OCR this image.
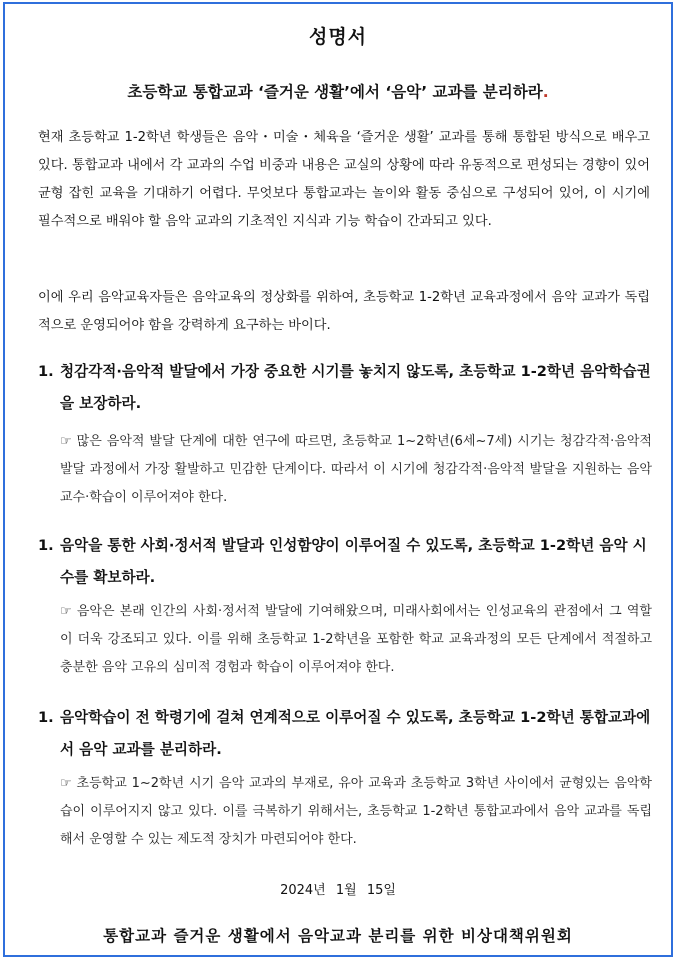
성명서
초등학교 통합교과 ‘즐거운 생활’에서 ‘음악’ 교과를 분리하라.
현재 초등학교 1-2학년 학생들은 음악・미술・체육을 ‘즐거운 생활’ 교과를 통해 통합된 방식으로 배우고 있다. 통합교과 내에서 각 교과의 수업 비중과 내용은 교실의 상황에 따라 유동적으로 편성되는 경향이 있어 균형 잡힌 교육을 기대하기 어렵다. 무엇보다 통합교과는 놀이와 활동 중심으로 구성되어 있어, 이 시기에 필수적으로 배워야 할 음악 교과의 기초적인 지식과 기능 학습이 간과되고 있다.
이에 우리 음악교육자들은 음악교육의 정상화를 위하여, 초등학교 1-2학년 교육과정에서 음악 교과가 독립적으로 운영되어야 함을 강력하게 요구하는 바이다.
1. 청감각적·음악적 발달에서 가장 중요한 시기를 놓치지 않도록, 초등학교 1-2학년 음악학습권을 보장하라.
☞ 많은 음악적 발달 단계에 대한 연구에 따르면, 초등학교 1~2학년(6세~7세) 시기는 청감각적·음악적 발달 과정에서 가장 활발하고 민감한 단계이다. 따라서 이 시기에 청감각적·음악적 발달을 지원하는 음악 교수·학습이 이루어져야 한다.
1. 음악을 통한 사회·정서적 발달과 인성함양이 이루어질 수 있도록, 초등학교 1-2학년 음악 시수를 확보하라.
☞ 음악은 본래 인간의 사회·정서적 발달에 기여해왔으며, 미래사회에서는 인성교육의 관점에서 그 역할이 더욱 강조되고 있다. 이를 위해 초등학교 1-2학년을 포함한 학교 교육과정의 모든 단계에서 적절하고 충분한 음악 고유의 심미적 경험과 학습이 이루어져야 한다.
1. 음악학습이 전 학령기에 걸쳐 연계적으로 이루어질 수 있도록, 초등학교 1-2학년 통합교과에서 음악 교과를 분리하라.
☞ 초등학교 1~2학년 시기 음악 교과의 부재로, 유아 교육과 초등학교 3학년 사이에서 균형있는 음악학습이 이루어지지 않고 있다. 이를 극복하기 위해서는, 초등학교 1-2학년 통합교과에서 음악 교과를 독립해서 운영할 수 있는 제도적 장치가 마련되어야 한다.
2024년 1월 15일
통합교과 즐거운 생활에서 음악교과 분리를 위한 비상대책위원회
